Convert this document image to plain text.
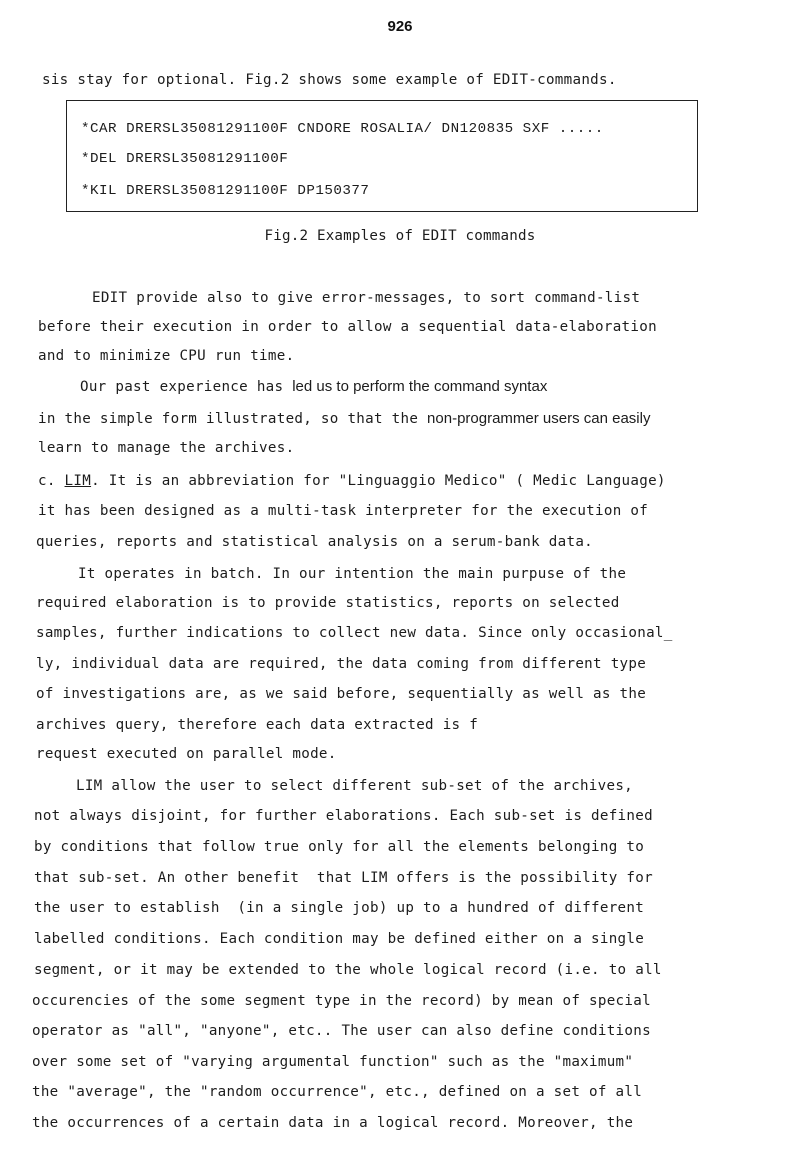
926
sis stay for optional. Fig.2 shows some example of EDIT-commands.
*CAR DRERSL35081291100F CNDORE ROSALIA/ DN120835 SXF .....
*DEL DRERSL35081291100F
*KIL DRERSL35081291100F DP150377
Fig.2 Examples of EDIT commands
EDIT provide also to give error-messages, to sort command-list
before their execution in order to allow a sequential data-elaboration
and to minimize CPU run time.
Our past experience has led us to perform the command syntax
in the simple form illustrated, so that the non-programmer users can easily
learn to manage the archives.
c. LIM. It is an abbreviation for "Linguaggio Medico" ( Medic Language)
it has been designed as a multi-task interpreter for the execution of
queries, reports and statistical analysis on a serum-bank data.
It operates in batch. In our intention the main purpuse of the
required elaboration is to provide statistics, reports on selected
samples, further indications to collect new data. Since only occasional_
ly, individual data are required, the data coming from different type
of investigations are, as we said before, sequentially as well as the
archives query, therefore each data extracted is f
request executed on parallel mode.
LIM allow the user to select different sub-set of the archives,
not always disjoint, for further elaborations. Each sub-set is defined
by conditions that follow true only for all the elements belonging to
that sub-set. An other benefit  that LIM offers is the possibility for
the user to establish  (in a single job) up to a hundred of different
labelled conditions. Each condition may be defined either on a single
segment, or it may be extended to the whole logical record (i.e. to all
occurencies of the some segment type in the record) by mean of special
operator as "all", "anyone", etc.. The user can also define conditions
over some set of "varying argumental function" such as the "maximum"
the "average", the "random occurrence", etc., defined on a set of all
the occurrences of a certain data in a logical record. Moreover, the
